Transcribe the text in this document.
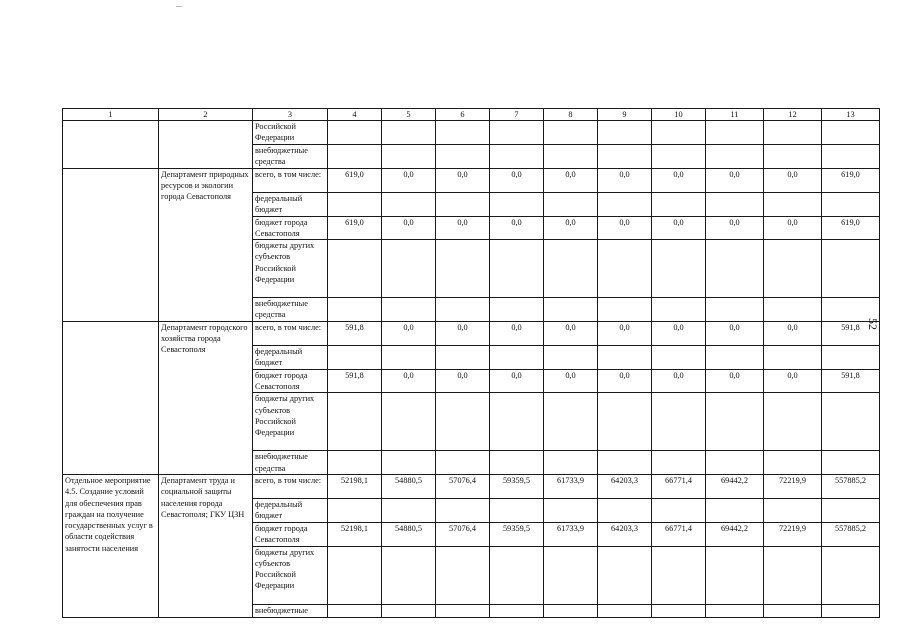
1	2	3	4	5	6	7	8	9	10	11	12	13
		Российской Федерации										
		внебюджетные средства										
	Департамент природных ресурсов и экологии города Севастополя	всего, в том числе:	619,0	0,0	0,0	0,0	0,0	0,0	0,0	0,0	0,0	619,0
		федеральный бюджет										
		бюджет города Севастополя	619,0	0,0	0,0	0,0	0,0	0,0	0,0	0,0	0,0	619,0
		бюджеты других субъектов Российской Федерации										
		внебюджетные средства										
	Департамент городского хозяйства города Севастополя	всего, в том числе:	591,8	0,0	0,0	0,0	0,0	0,0	0,0	0,0	0,0	591,8
		федеральный бюджет										
		бюджет города Севастополя	591,8	0,0	0,0	0,0	0,0	0,0	0,0	0,0	0,0	591,8
		бюджеты других субъектов Российской Федерации										
		внебюджетные средства										
Отдельное мероприятие 4.5. Создание условий для обеспечения прав граждан на получение государственных услуг в области содействия занятости населения	Департамент труда и социальной защиты населения города Севастополя; ГКУ ЦЗН	всего, в том числе:	52198,1	54880,5	57076,4	59359,5	61733,9	64203,3	66771,4	69442,2	72219,9	557885,2
		федеральный бюджет										
		бюджет города Севастополя	52198,1	54880,5	57076,4	59359,5	61733,9	64203,3	66771,4	69442,2	72219,9	557885,2
		бюджеты других субъектов Российской Федерации										
		внебюджетные										
52
